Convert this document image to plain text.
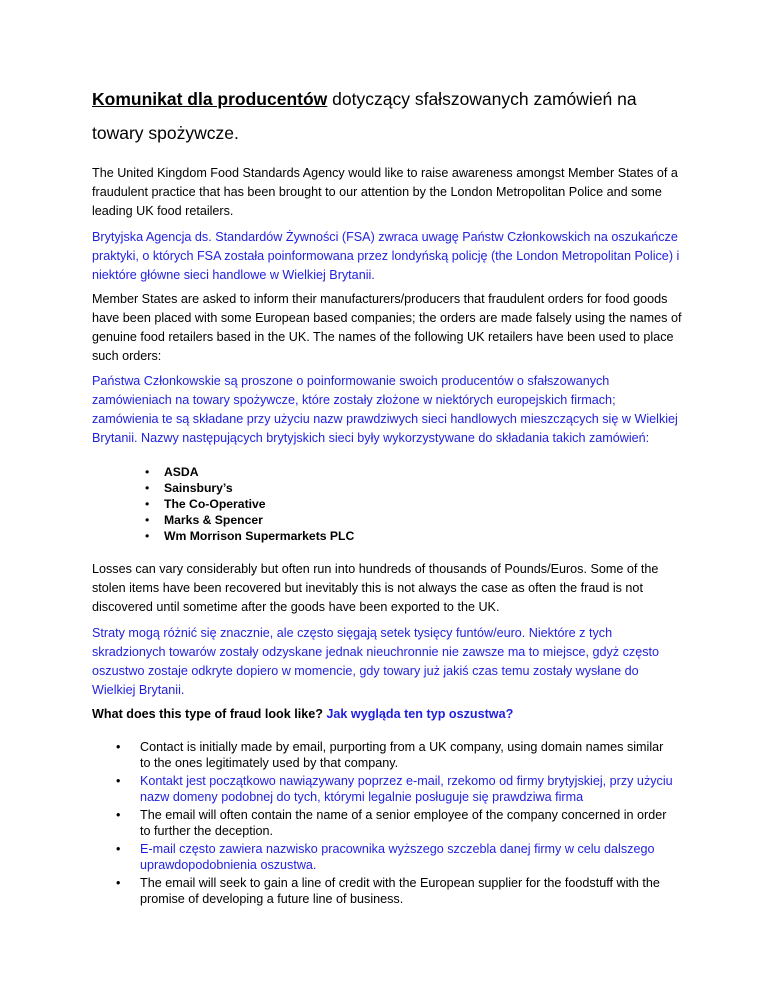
Komunikat dla producentów dotyczący sfałszowanych zamówień na
towary spożywcze.
The United Kingdom Food Standards Agency would like to raise awareness amongst Member States of a fraudulent practice that has been brought to our attention by the London Metropolitan Police and some leading UK food retailers.
Brytyjska Agencja ds. Standardów Żywności (FSA) zwraca uwagę Państw Członkowskich na oszukańcze praktyki, o których FSA została poinformowana przez londyńską policję (the London Metropolitan Police) i niektóre główne sieci handlowe w Wielkiej Brytanii.
Member States are asked to inform their manufacturers/producers that fraudulent orders for food goods have been placed with some European based companies; the orders are made falsely using the names of genuine food retailers based in the UK. The names of the following UK retailers have been used to place such orders:
Państwa Członkowskie są proszone o poinformowanie swoich producentów o sfałszowanych zamówieniach na towary spożywcze, które zostały złożone w niektórych europejskich firmach; zamówienia te są składane przy użyciu nazw prawdziwych sieci handlowych mieszczących się w Wielkiej Brytanii. Nazwy następujących brytyjskich sieci były wykorzystywane do składania takich zamówień:
• ASDA
• Sainsbury’s
• The Co-Operative
• Marks & Spencer
• Wm Morrison Supermarkets PLC
Losses can vary considerably but often run into hundreds of thousands of Pounds/Euros. Some of the stolen items have been recovered but inevitably this is not always the case as often the fraud is not discovered until sometime after the goods have been exported to the UK.
Straty mogą różnić się znacznie, ale często sięgają setek tysięcy funtów/euro. Niektóre z tych skradzionych towarów zostały odzyskane jednak nieuchronnie nie zawsze ma to miejsce, gdyż często oszustwo zostaje odkryte dopiero w momencie, gdy towary już jakiś czas temu zostały wysłane do Wielkiej Brytanii.
What does this type of fraud look like? Jak wygląda ten typ oszustwa?
• Contact is initially made by email, purporting from a UK company, using domain names similar to the ones legitimately used by that company.
• Kontakt jest początkowo nawiązywany poprzez e-mail, rzekomo od firmy brytyjskiej, przy użyciu nazw domeny podobnej do tych, którymi legalnie posługuje się prawdziwa firma
• The email will often contain the name of a senior employee of the company concerned in order to further the deception.
• E-mail często zawiera nazwisko pracownika wyższego szczebla danej firmy w celu dalszego uprawdopodobnienia oszustwa.
• The email will seek to gain a line of credit with the European supplier for the foodstuff with the promise of developing a future line of business.
